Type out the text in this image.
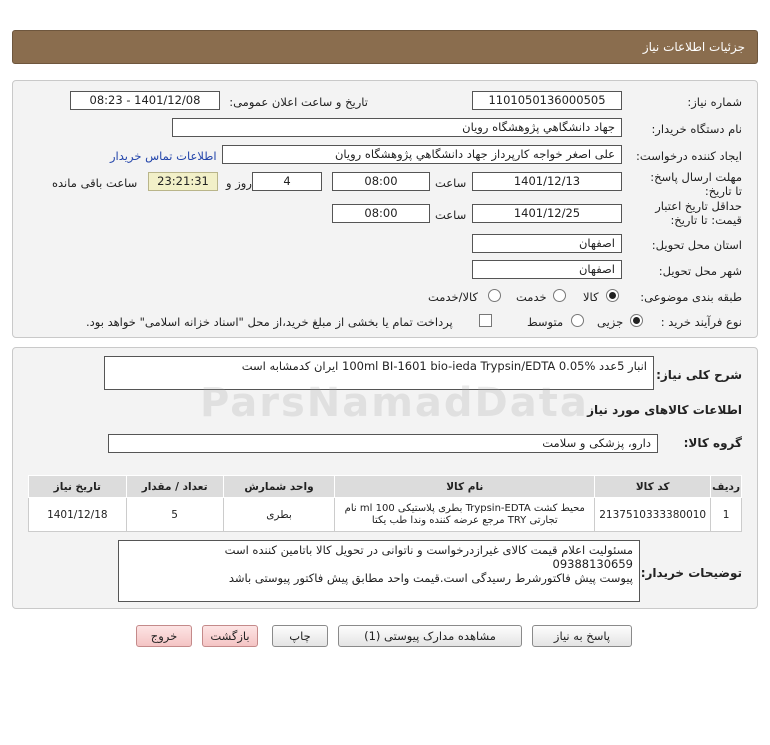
جزئیات اطلاعات نیاز
شماره نیاز:
1101050136000505
تاریخ و ساعت اعلان عمومی:
1401/12/08 - 08:23
نام دستگاه خریدار:
جهاد دانشگاهي پژوهشگاه رويان
ایجاد کننده درخواست:
علی اصغر خواجه کارپرداز جهاد دانشگاهي پژوهشگاه رويان
اطلاعات تماس خریدار
مهلت ارسال پاسخ: تا تاریخ:
1401/12/13
ساعت
08:00
4
روز و
23:21:31
ساعت باقی مانده
حداقل تاریخ اعتبار قیمت: تا تاریخ:
1401/12/25
ساعت
08:00
استان محل تحویل:
اصفهان
شهر محل تحویل:
اصفهان
طبقه بندی موضوعی:
کالا
خدمت
کالا/خدمت
نوع فرآیند خرید :
جزیی
متوسط
پرداخت تمام یا بخشی از مبلغ خرید،از محل "اسناد خزانه اسلامی" خواهد بود.
شرح کلی نیاز:
انبار 5عدد 100ml BI-1601 bio-ieda Trypsin/EDTA 0.05% ایران کدمشابه است
ParsNamadData
اطلاعات کالاهای مورد نیاز
گروه کالا:
دارو، پزشکی و سلامت
ردیف	کد کالا	نام کالا	واحد شمارش	تعداد / مقدار	تاریخ نیاز
1	2137510333380010	محیط کشت Trypsin-EDTA بطری پلاستیکی 100 ml نام تجارتی TRY مرجع عرضه کننده وندا طب یکتا	بطری	5	1401/12/18
توضیحات خریدار:
مسئولیت اعلام قیمت کالای غیرازدرخواست و ناتوانی در تحویل کالا باتامین کننده است
09388130659
پیوست پیش فاکتورشرط رسیدگی است.قیمت واحد مطابق پیش فاکتور پیوستی باشد
پاسخ به نیاز
مشاهده مدارک پیوستی (1)
چاپ
بازگشت
خروج
